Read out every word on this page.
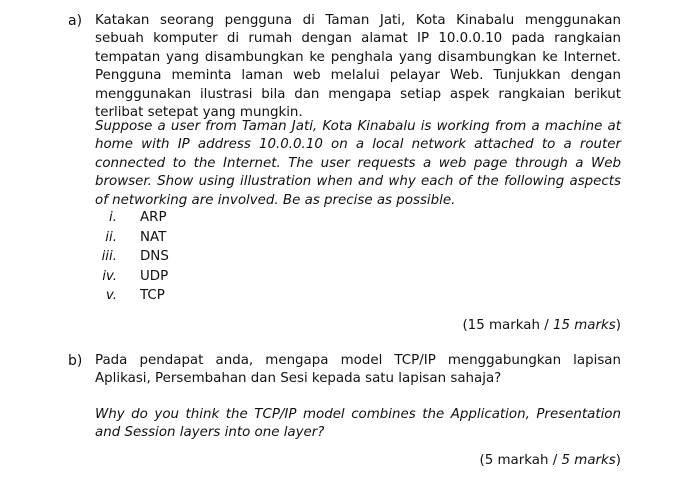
a) Katakan seorang pengguna di Taman Jati, Kota Kinabalu menggunakan sebuah komputer di rumah dengan alamat IP 10.0.0.10 pada rangkaian tempatan yang disambungkan ke penghala yang disambungkan ke Internet. Pengguna meminta laman web melalui pelayar Web. Tunjukkan dengan menggunakan ilustrasi bila dan mengapa setiap aspek rangkaian berikut terlibat setepat yang mungkin.
Suppose a user from Taman Jati, Kota Kinabalu is working from a machine at home with IP address 10.0.0.10 on a local network attached to a router connected to the Internet. The user requests a web page through a Web browser. Show using illustration when and why each of the following aspects of networking are involved. Be as precise as possible.
i. ARP
ii. NAT
iii. DNS
iv. UDP
v. TCP
(15 markah / 15 marks)
b) Pada pendapat anda, mengapa model TCP/IP menggabungkan lapisan Aplikasi, Persembahan dan Sesi kepada satu lapisan sahaja?
Why do you think the TCP/IP model combines the Application, Presentation and Session layers into one layer?
(5 markah / 5 marks)
